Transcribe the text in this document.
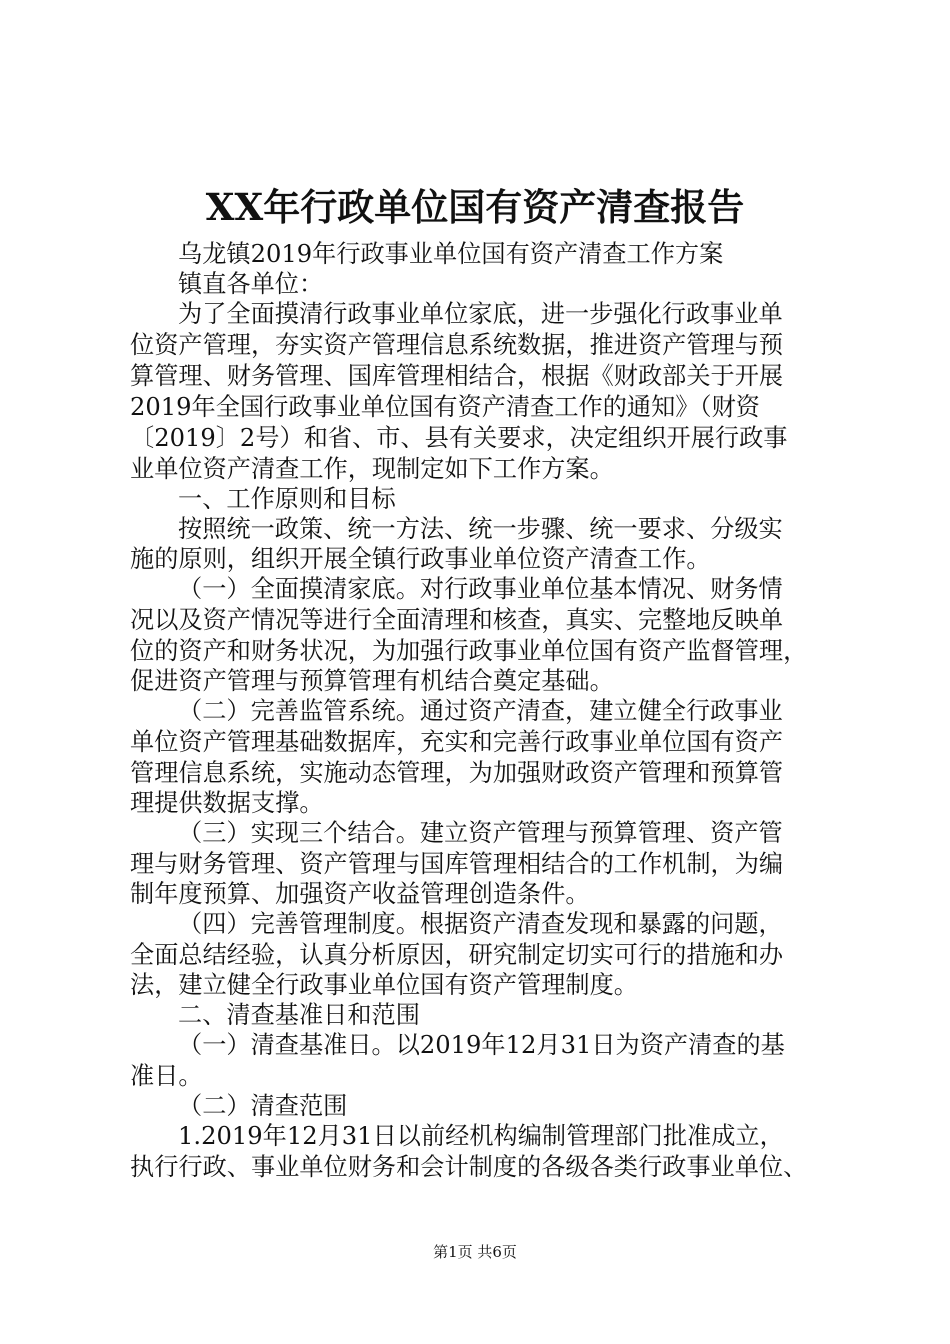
XX年行政单位国有资产清查报告
乌龙镇2019年行政事业单位国有资产清查工作方案
镇直各单位：
为了全面摸清行政事业单位家底，进一步强化行政事业单
位资产管理，夯实资产管理信息系统数据，推进资产管理与预
算管理、财务管理、国库管理相结合，根据《财政部关于开展
2019年全国行政事业单位国有资产清查工作的通知》（财资
〔2019〕2号）和省、市、县有关要求，决定组织开展行政事
业单位资产清查工作，现制定如下工作方案。
一、工作原则和目标
按照统一政策、统一方法、统一步骤、统一要求、分级实
施的原则，组织开展全镇行政事业单位资产清查工作。
（一）全面摸清家底。对行政事业单位基本情况、财务情
况以及资产情况等进行全面清理和核查，真实、完整地反映单
位的资产和财务状况，为加强行政事业单位国有资产监督管理，
促进资产管理与预算管理有机结合奠定基础。
（二）完善监管系统。通过资产清查，建立健全行政事业
单位资产管理基础数据库，充实和完善行政事业单位国有资产
管理信息系统，实施动态管理，为加强财政资产管理和预算管
理提供数据支撑。
（三）实现三个结合。建立资产管理与预算管理、资产管
理与财务管理、资产管理与国库管理相结合的工作机制，为编
制年度预算、加强资产收益管理创造条件。
（四）完善管理制度。根据资产清查发现和暴露的问题，
全面总结经验，认真分析原因，研究制定切实可行的措施和办
法，建立健全行政事业单位国有资产管理制度。
二、清查基准日和范围
（一）清查基准日。以2019年12月31日为资产清查的基
准日。
（二）清查范围
1.2019年12月31日以前经机构编制管理部门批准成立，
执行行政、事业单位财务和会计制度的各级各类行政事业单位、
第1页 共6页
